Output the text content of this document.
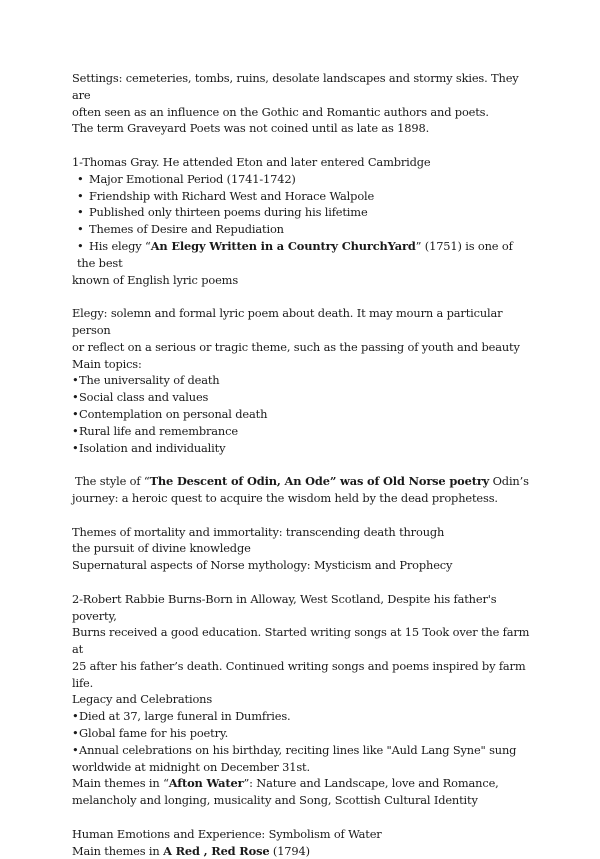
Settings: cemeteries, tombs, ruins, desolate landscapes and stormy skies. They are

often seen as an influence on the Gothic and Romantic authors and poets.

The term Graveyard Poets was not coined until as late as 1898.

1-Thomas Gray. He attended Eton and later entered Cambridge

• Major Emotional Period (1741-1742)

• Friendship with Richard West and Horace Walpole

• Published only thirteen poems during his lifetime

• Themes of Desire and Repudiation

• His elegy “An Elegy Written in a Country ChurchYard” (1751) is one of the best

known of English lyric poems

Elegy: solemn and formal lyric poem about death. It may mourn a particular person

or reflect on a serious or tragic theme, such as the passing of youth and beauty

Main topics:

•The universality of death

•Social class and values

•Contemplation on personal death

•Rural life and remembrance

•Isolation and individuality

The style of “The Descent of Odin, An Ode” was of Old Norse poetry Odin’s

journey: a heroic quest to acquire the wisdom held by the dead prophetess.

Themes of mortality and immortality: transcending death through

the pursuit of divine knowledge

Supernatural aspects of Norse mythology: Mysticism and Prophecy

2-Robert Rabbie Burns-Born in Alloway, West Scotland, Despite his father's poverty,

Burns received a good education. Started writing songs at 15 Took over the farm at

25 after his father’s death. Continued writing songs and poems inspired by farm

life.

Legacy and Celebrations

•Died at 37, large funeral in Dumfries.

•Global fame for his poetry.

•Annual celebrations on his birthday, reciting lines like "Auld Lang Syne" sung

worldwide at midnight on December 31st.

Main themes in “Afton Water”: Nature and Landscape, love and Romance,

melancholy and longing, musicality and Song, Scottish Cultural Identity

Human Emotions and Experience: Symbolism of Water

Main themes in A Red , Red Rose (1794)
